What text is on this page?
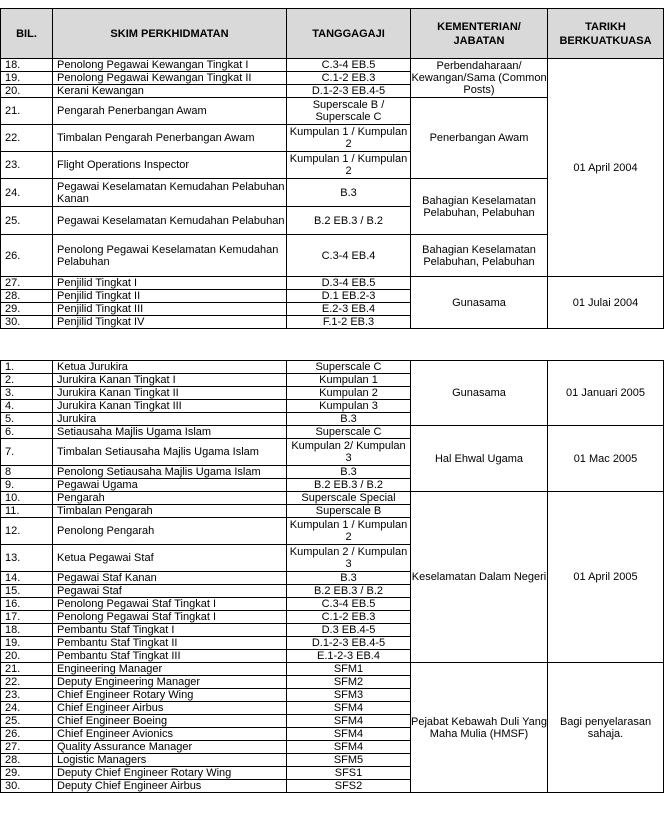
BIL.	SKIM PERKHIDMATAN	TANGGAGAJI	KEMENTERIAN/ JABATAN	TARIKH BERKUATKUASA
18.	Penolong Pegawai Kewangan Tingkat I	C.3-4 EB.5	Perbendaharaan/ Kewangan/Sama (Common Posts)	01 April 2004
19.	Penolong Pegawai Kewangan Tingkat II	C.1-2 EB.3		
20.	Kerani Kewangan	D.1-2-3 EB.4-5		
21.	Pengarah Penerbangan Awam	Superscale B / Superscale C	Penerbangan Awam	
22.	Timbalan Pengarah Penerbangan Awam	Kumpulan 1 / Kumpulan 2		
23.	Flight Operations Inspector	Kumpulan 1 / Kumpulan 2		
24.	Pegawai Keselamatan Kemudahan Pelabuhan Kanan	B.3	Bahagian Keselamatan Pelabuhan, Pelabuhan	
25.	Pegawai Keselamatan Kemudahan Pelabuhan	B.2 EB.3 / B.2		
26.	Penolong Pegawai Keselamatan Kemudahan Pelabuhan	C.3-4 EB.4	Bahagian Keselamatan Pelabuhan, Pelabuhan	
27.	Penjilid Tingkat I	D.3-4 EB.5	Gunasama	01 Julai 2004
28.	Penjilid Tingkat II	D.1 EB.2-3		
29.	Penjilid Tingkat III	E.2-3 EB.4		
30.	Penjilid Tingkat IV	F.1-2 EB.3		
1.	Ketua Jurukira	Superscale C	Gunasama	01 Januari 2005
2.	Jurukira Kanan Tingkat I	Kumpulan 1		
3.	Jurukira Kanan Tingkat II	Kumpulan 2		
4.	Jurukira Kanan Tingkat III	Kumpulan 3		
5.	Jurukira	B.3		
6.	Setiausaha Majlis Ugama Islam	Superscale C	Hal Ehwal Ugama	01 Mac 2005
7.	Timbalan Setiausaha Majlis Ugama Islam	Kumpulan 2/ Kumpulan 3		
8	Penolong Setiausaha Majlis Ugama Islam	B.3		
9.	Pegawai Ugama	B.2 EB.3 / B.2		
10.	Pengarah	Superscale Special	Keselamatan Dalam Negeri	01 April 2005
11.	Timbalan Pengarah	Superscale B		
12.	Penolong Pengarah	Kumpulan 1 / Kumpulan 2		
13.	Ketua Pegawai Staf	Kumpulan 2 / Kumpulan 3		
14.	Pegawai Staf Kanan	B.3		
15.	Pegawai Staf	B.2 EB.3 / B.2		
16.	Penolong Pegawai Staf Tingkat I	C.3-4 EB.5		
17.	Penolong Pegawai Staf Tingkat I	C.1-2 EB.3		
18.	Pembantu Staf Tingkat I	D.3 EB.4-5		
19.	Pembantu Staf Tingkat II	D.1-2-3 EB.4-5		
20.	Pembantu Staf Tingkat III	E.1-2-3 EB.4		
21.	Engineering Manager	SFM1	Pejabat Kebawah Duli Yang Maha Mulia (HMSF)	Bagi penyelarasan sahaja.
22.	Deputy Engineering Manager	SFM2		
23.	Chief Engineer Rotary Wing	SFM3		
24.	Chief Engineer Airbus	SFM4		
25.	Chief Engineer Boeing	SFM4		
26.	Chief Engineer Avionics	SFM4		
27.	Quality Assurance Manager	SFM4		
28.	Logistic Managers	SFM5		
29.	Deputy Chief Engineer Rotary Wing	SFS1		
30.	Deputy Chief Engineer Airbus	SFS2		
